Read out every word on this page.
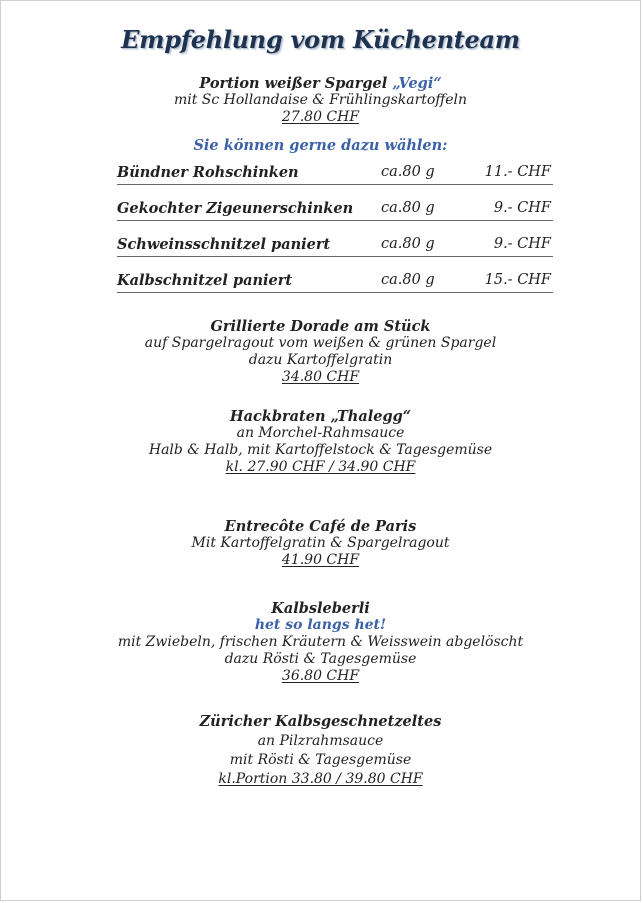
Empfehlung vom Küchenteam
Portion weißer Spargel „Vegi“
mit Sc Hollandaise & Frühlingskartoffeln
27.80 CHF
Sie können gerne dazu wählen:
Bündner Rohschinken	ca.80 g	11.- CHF
Gekochter Zigeunerschinken ca.80 g	9.- CHF
Schweinsschnitzel paniert	ca.80 g	9.- CHF
Kalbschnitzel paniert	ca.80 g	15.- CHF
Grillierte Dorade am Stück
auf Spargelragout vom weißen & grünen Spargel
dazu Kartoffelgratin
34.80 CHF
Hackbraten „Thalegg“
an Morchel-Rahmsauce
Halb & Halb, mit Kartoffelstock & Tagesgemüse
kl. 27.90 CHF / 34.90 CHF
Entrecôte Café de Paris
Mit Kartoffelgratin & Spargelragout
41.90 CHF
Kalbsleberli
het so langs het!
mit Zwiebeln, frischen Kräutern & Weisswein abgelöscht
dazu Rösti & Tagesgemüse
36.80 CHF
Züricher Kalbsgeschnetzeltes
an Pilzrahmsauce
mit Rösti & Tagesgemüse
kl.Portion 33.80 / 39.80 CHF
